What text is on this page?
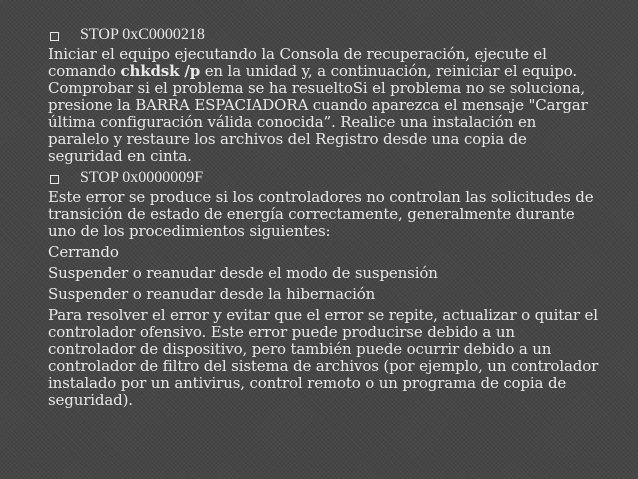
STOP 0xC0000218

Iniciar el equipo ejecutando la Consola de recuperación, ejecute el comando chkdsk /p en la unidad y, a continuación, reiniciar el equipo. Comprobar si el problema se ha resueltoSi el problema no se soluciona, presione la BARRA ESPACIADORA cuando aparezca el mensaje "Cargar última configuración válida conocida”. Realice una instalación en paralelo y restaure los archivos del Registro desde una copia de seguridad en cinta.

STOP 0x0000009F

Este error se produce si los controladores no controlan las solicitudes de transición de estado de energía correctamente, generalmente durante uno de los procedimientos siguientes:

Cerrando

Suspender o reanudar desde el modo de suspensión

Suspender o reanudar desde la hibernación

Para resolver el error y evitar que el error se repite, actualizar o quitar el controlador ofensivo. Este error puede producirse debido a un controlador de dispositivo, pero también puede ocurrir debido a un controlador de filtro del sistema de archivos (por ejemplo, un controlador instalado por un antivirus, control remoto o un programa de copia de seguridad).
